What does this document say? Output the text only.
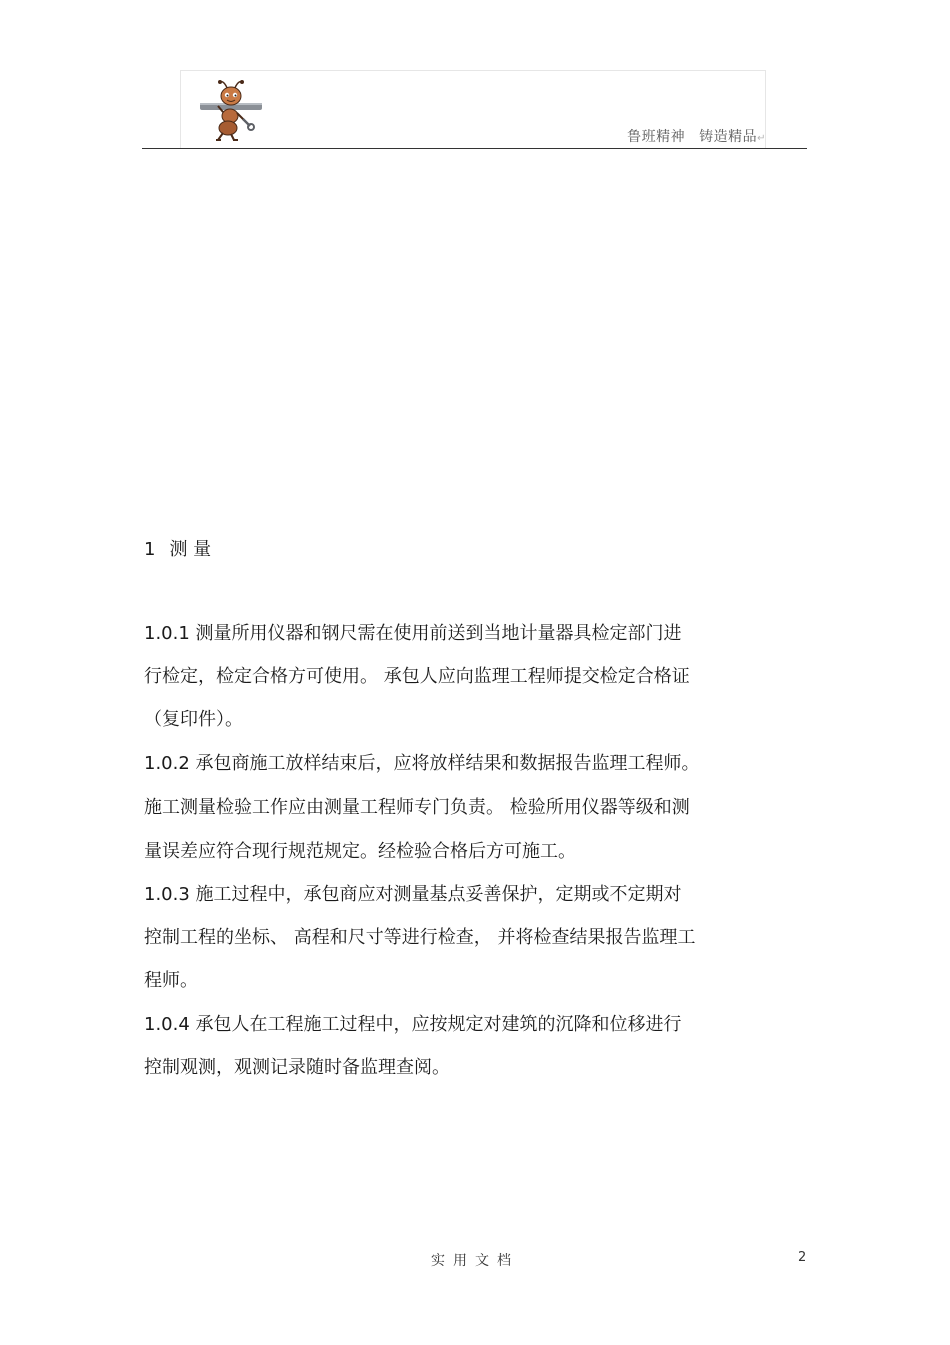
鲁班精神 铸造精品↵
1 测 量
1.0.1 测量所用仪器和钢尺需在使用前送到当地计量器具检定部门进
行检定，检定合格方可使用。 承包人应向监理工程师提交检定合格证
（复印件）。
1.0.2 承包商施工放样结束后，应将放样结果和数据报告监理工程师。
施工测量检验工作应由测量工程师专门负责。 检验所用仪器等级和测
量误差应符合现行规范规定。经检验合格后方可施工。
1.0.3 施工过程中，承包商应对测量基点妥善保护，定期或不定期对
控制工程的坐标、 高程和尺寸等进行检查， 并将检查结果报告监理工
程师。
1.0.4 承包人在工程施工过程中，应按规定对建筑的沉降和位移进行
控制观测，观测记录随时备监理查阅。
实用文档	2
